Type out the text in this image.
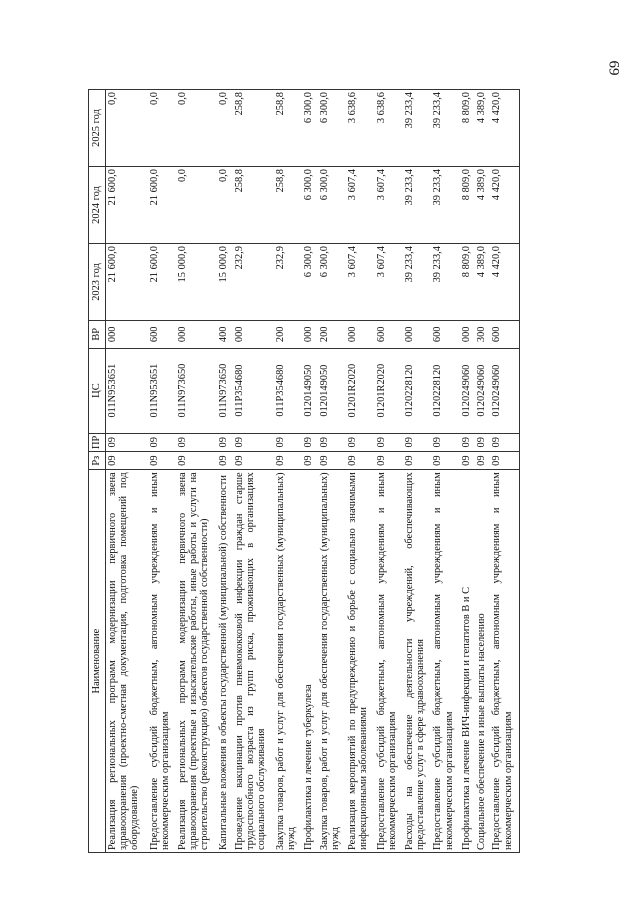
69
Наименование	Рз	ПР	ЦС	ВР	2023 год	2024 год	2025 год
Реализация региональных программ модернизации первичного звена здравоохранения (проектно-сметная документация, подготовка помещений под оборудование)	09	09	011N953651	000	21 600,0	21 600,0	0,0
Предоставление субсидий бюджетным, автономным учреждениям и иным некоммерческим организациям	09	09	011N953651	600	21 600,0	21 600,0	0,0
Реализация региональных программ модернизации первичного звена здравоохранения (проектные и изыскательские работы, иные работы и услуги на строительство (реконструкцию) объектов государственной собственности)	09	09	011N973650	000	15 000,0	0,0	0,0
Капитальные вложения в объекты государственной (муниципальной) собственности	09	09	011N973650	400	15 000,0	0,0	0,0
Проведение вакцинации против пневмококковой инфекции граждан старше трудоспособного возраста из групп риска, проживающих в организациях социального обслуживания	09	09	011P354680	000	232,9	258,8	258,8
Закупка товаров, работ и услуг для обеспечения государственных (муниципальных) нужд	09	09	011P354680	200	232,9	258,8	258,8
Профилактика и лечение туберкулеза	09	09	0120149050	000	6 300,0	6 300,0	6 300,0
Закупка товаров, работ и услуг для обеспечения государственных (муниципальных) нужд	09	09	0120149050	200	6 300,0	6 300,0	6 300,0
Реализация мероприятий по предупреждению и борьбе с социально значимыми инфекционными заболеваниями	09	09	01201R2020	000	3 607,4	3 607,4	3 638,6
Предоставление субсидий бюджетным, автономным учреждениям и иным некоммерческим организациям	09	09	01201R2020	600	3 607,4	3 607,4	3 638,6
Расходы на обеспечение деятельности учреждений, обеспечивающих предоставление услуг в сфере здравоохранения	09	09	0120228120	000	39 233,4	39 233,4	39 233,4
Предоставление субсидий бюджетным, автономным учреждениям и иным некоммерческим организациям	09	09	0120228120	600	39 233,4	39 233,4	39 233,4
Профилактика и лечение ВИЧ-инфекции и гепатитов В и С	09	09	0120249060	000	8 809,0	8 809,0	8 809,0
Социальное обеспечение и иные выплаты населению	09	09	0120249060	300	4 389,0	4 389,0	4 389,0
Предоставление субсидий бюджетным, автономным учреждениям и иным некоммерческим организациям	09	09	0120249060	600	4 420,0	4 420,0	4 420,0
